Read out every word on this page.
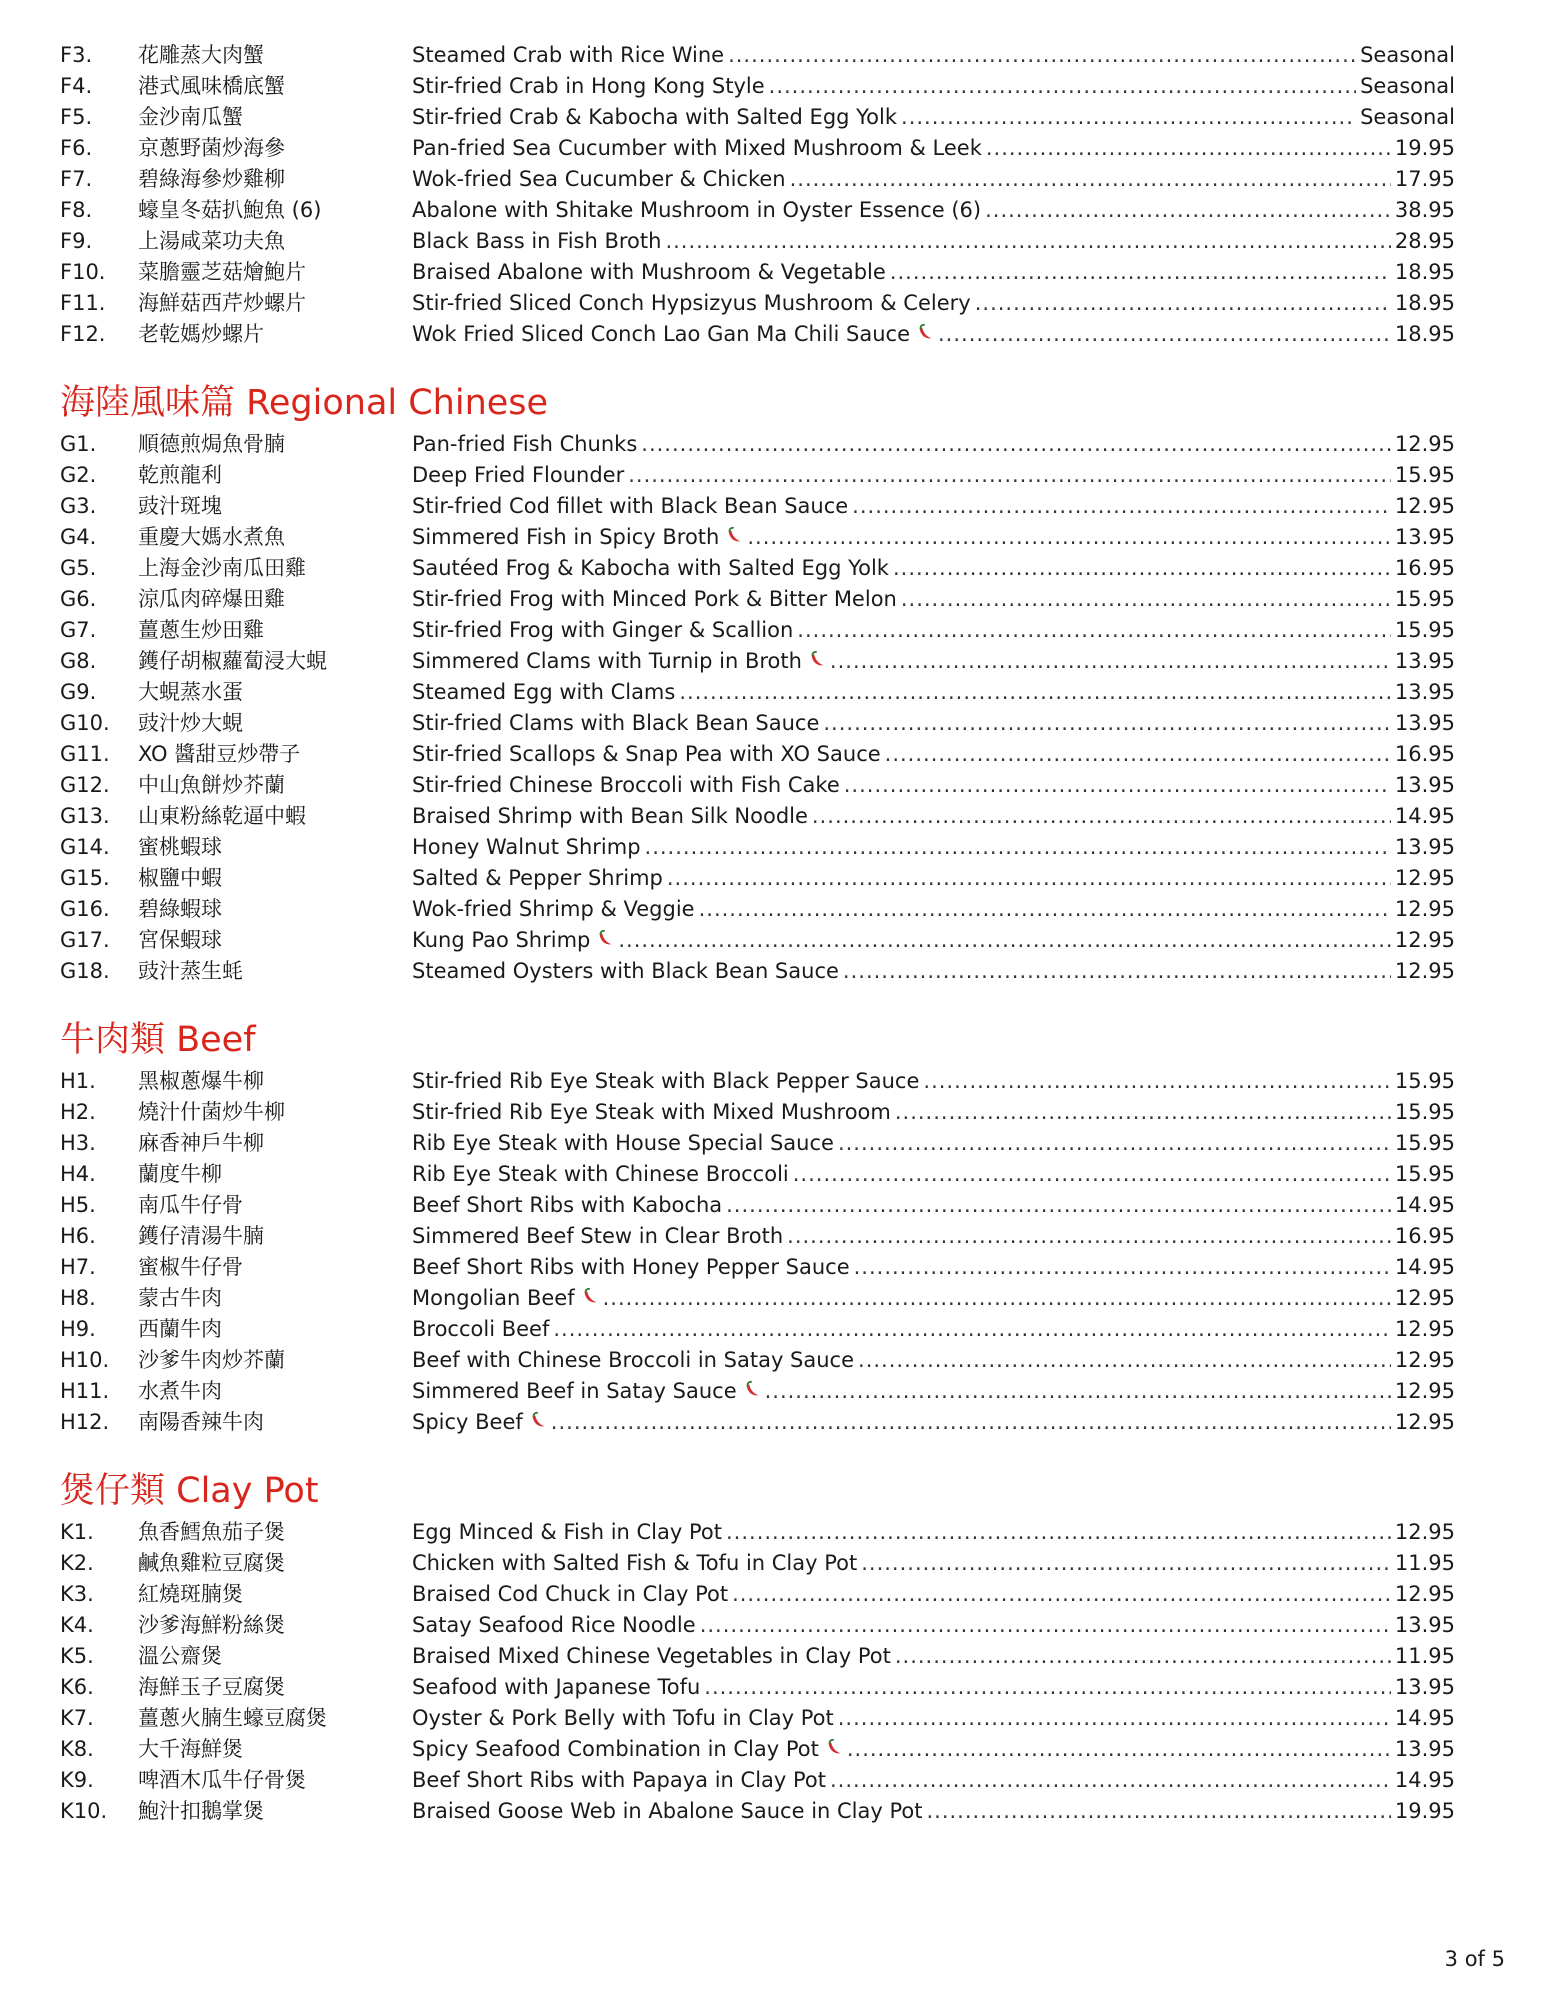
F3.	花雕蒸大肉蟹	Steamed Crab with Rice Wine .....	Seasonal
F4.	港式風味橋底蟹	Stir-fried Crab in Hong Kong Style .....	Seasonal
F5.	金沙南瓜蟹	Stir-fried Crab & Kabocha with Salted Egg Yolk .....	Seasonal
F6.	京蔥野菌炒海參	Pan-fried Sea Cucumber with Mixed Mushroom & Leek .....	19.95
F7.	碧綠海參炒雞柳	Wok-fried Sea Cucumber & Chicken .....	17.95
F8.	蠔皇冬菇扒鮑魚 (6)	Abalone with Shitake Mushroom in Oyster Essence (6) .....	38.95
F9.	上湯咸菜功夫魚	Black Bass in Fish Broth .....	28.95
F10.	菜膽靈芝菇燴鮑片	Braised Abalone with Mushroom & Vegetable .....	18.95
F11.	海鮮菇西芹炒螺片	Stir-fried Sliced Conch Hypsizyus Mushroom & Celery .....	18.95
F12.	老乾媽炒螺片	Wok Fried Sliced Conch Lao Gan Ma Chili Sauce .....	18.95
海陸風味篇 Regional Chinese
G1.	順德煎焗魚骨腩	Pan-fried Fish Chunks .....	12.95
G2.	乾煎龍利	Deep Fried Flounder .....	15.95
G3.	豉汁斑塊	Stir-fried Cod fillet with Black Bean Sauce .....	12.95
G4.	重慶大媽水煮魚	Simmered Fish in Spicy Broth .....	13.95
G5.	上海金沙南瓜田雞	Sautéed Frog & Kabocha with Salted Egg Yolk .....	16.95
G6.	涼瓜肉碎爆田雞	Stir-fried Frog with Minced Pork & Bitter Melon .....	15.95
G7.	薑蔥生炒田雞	Stir-fried Frog with Ginger & Scallion .....	15.95
G8.	鑊仔胡椒蘿蔔浸大蜆	Simmered Clams with Turnip in Broth .....	13.95
G9.	大蜆蒸水蛋	Steamed Egg with Clams .....	13.95
G10.	豉汁炒大蜆	Stir-fried Clams with Black Bean Sauce .....	13.95
G11.	XO 醬甜豆炒帶子	Stir-fried Scallops & Snap Pea with XO Sauce .....	16.95
G12.	中山魚餅炒芥蘭	Stir-fried Chinese Broccoli with Fish Cake .....	13.95
G13.	山東粉絲乾逼中蝦	Braised Shrimp with Bean Silk Noodle .....	14.95
G14.	蜜桃蝦球	Honey Walnut Shrimp .....	13.95
G15.	椒鹽中蝦	Salted & Pepper Shrimp .....	12.95
G16.	碧綠蝦球	Wok-fried Shrimp & Veggie .....	12.95
G17.	宮保蝦球	Kung Pao Shrimp .....	12.95
G18.	豉汁蒸生蚝	Steamed Oysters with Black Bean Sauce .....	12.95
牛肉類 Beef
H1.	黑椒蔥爆牛柳	Stir-fried Rib Eye Steak with Black Pepper Sauce .....	15.95
H2.	燒汁什菌炒牛柳	Stir-fried Rib Eye Steak with Mixed Mushroom .....	15.95
H3.	麻香神戶牛柳	Rib Eye Steak with House Special Sauce .....	15.95
H4.	蘭度牛柳	Rib Eye Steak with Chinese Broccoli .....	15.95
H5.	南瓜牛仔骨	Beef Short Ribs with Kabocha .....	14.95
H6.	鑊仔清湯牛腩	Simmered Beef Stew in Clear Broth .....	16.95
H7.	蜜椒牛仔骨	Beef Short Ribs with Honey Pepper Sauce .....	14.95
H8.	蒙古牛肉	Mongolian Beef .....	12.95
H9.	西蘭牛肉	Broccoli Beef .....	12.95
H10.	沙爹牛肉炒芥蘭	Beef with Chinese Broccoli in Satay Sauce .....	12.95
H11.	水煮牛肉	Simmered Beef in Satay Sauce .....	12.95
H12.	南陽香辣牛肉	Spicy Beef .....	12.95
煲仔類 Clay Pot
K1.	魚香鱈魚茄子煲	Egg Minced & Fish in Clay Pot .....	12.95
K2.	鹹魚雞粒豆腐煲	Chicken with Salted Fish & Tofu in Clay Pot .....	11.95
K3.	紅燒斑腩煲	Braised Cod Chuck in Clay Pot .....	12.95
K4.	沙爹海鮮粉絲煲	Satay Seafood Rice Noodle .....	13.95
K5.	溫公齋煲	Braised Mixed Chinese Vegetables in Clay Pot .....	11.95
K6.	海鮮玉子豆腐煲	Seafood with Japanese Tofu .....	13.95
K7.	薑蔥火腩生蠔豆腐煲	Oyster & Pork Belly with Tofu in Clay Pot .....	14.95
K8.	大千海鮮煲	Spicy Seafood Combination in Clay Pot .....	13.95
K9.	啤酒木瓜牛仔骨煲	Beef Short Ribs with Papaya in Clay Pot .....	14.95
K10.	鮑汁扣鵝掌煲	Braised Goose Web in Abalone Sauce in Clay Pot .....	19.95
3 of 5
